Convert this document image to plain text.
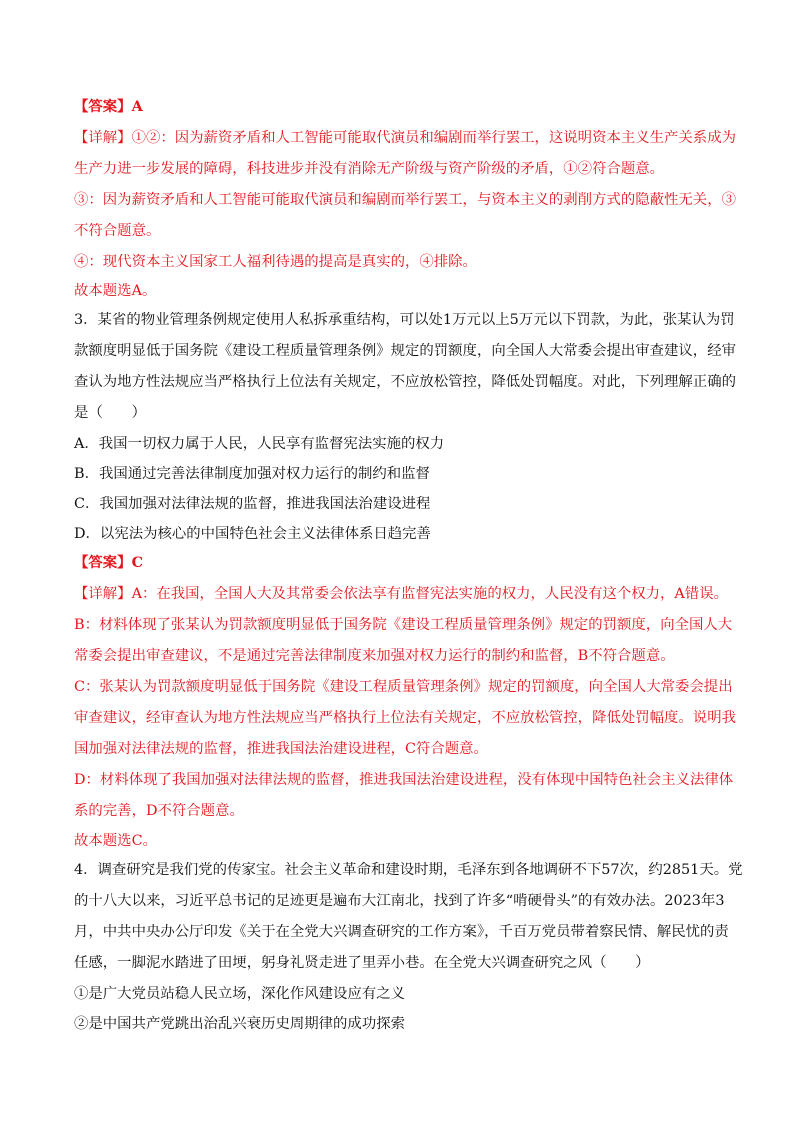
【答案】A
【详解】①②：因为薪资矛盾和人工智能可能取代演员和编剧而举行罢工，这说明资本主义生产关系成为
生产力进一步发展的障碍，科技进步并没有消除无产阶级与资产阶级的矛盾，①②符合题意。
③：因为薪资矛盾和人工智能可能取代演员和编剧而举行罢工，与资本主义的剥削方式的隐蔽性无关，③
不符合题意。
④：现代资本主义国家工人福利待遇的提高是真实的，④排除。
故本题选A。
3．某省的物业管理条例规定使用人私拆承重结构，可以处1万元以上5万元以下罚款，为此，张某认为罚
款额度明显低于国务院《建设工程质量管理条例》规定的罚额度，向全国人大常委会提出审查建议，经审
查认为地方性法规应当严格执行上位法有关规定，不应放松管控，降低处罚幅度。对此，下列理解正确的
是（　　）
A．我国一切权力属于人民，人民享有监督宪法实施的权力
B．我国通过完善法律制度加强对权力运行的制约和监督
C．我国加强对法律法规的监督，推进我国法治建设进程
D．以宪法为核心的中国特色社会主义法律体系日趋完善
【答案】C
【详解】A：在我国，全国人大及其常委会依法享有监督宪法实施的权力，人民没有这个权力，A错误。
B：材料体现了张某认为罚款额度明显低于国务院《建设工程质量管理条例》规定的罚额度，向全国人大
常委会提出审查建议，不是通过完善法律制度来加强对权力运行的制约和监督，B不符合题意。
C：张某认为罚款额度明显低于国务院《建设工程质量管理条例》规定的罚额度，向全国人大常委会提出
审查建议，经审查认为地方性法规应当严格执行上位法有关规定，不应放松管控，降低处罚幅度。说明我
国加强对法律法规的监督，推进我国法治建设进程，C符合题意。
D：材料体现了我国加强对法律法规的监督，推进我国法治建设进程，没有体现中国特色社会主义法律体
系的完善，D不符合题意。
故本题选C。
4．调查研究是我们党的传家宝。社会主义革命和建设时期，毛泽东到各地调研不下57次，约2851天。党
的十八大以来，习近平总书记的足迹更是遍布大江南北，找到了许多“啃硬骨头”的有效办法。2023年3
月，中共中央办公厅印发《关于在全党大兴调查研究的工作方案》，千百万党员带着察民情、解民忧的责
任感，一脚泥水踏进了田埂，躬身礼贤走进了里弄小巷。在全党大兴调查研究之风（　　）
①是广大党员站稳人民立场，深化作风建设应有之义
②是中国共产党跳出治乱兴衰历史周期律的成功探索
